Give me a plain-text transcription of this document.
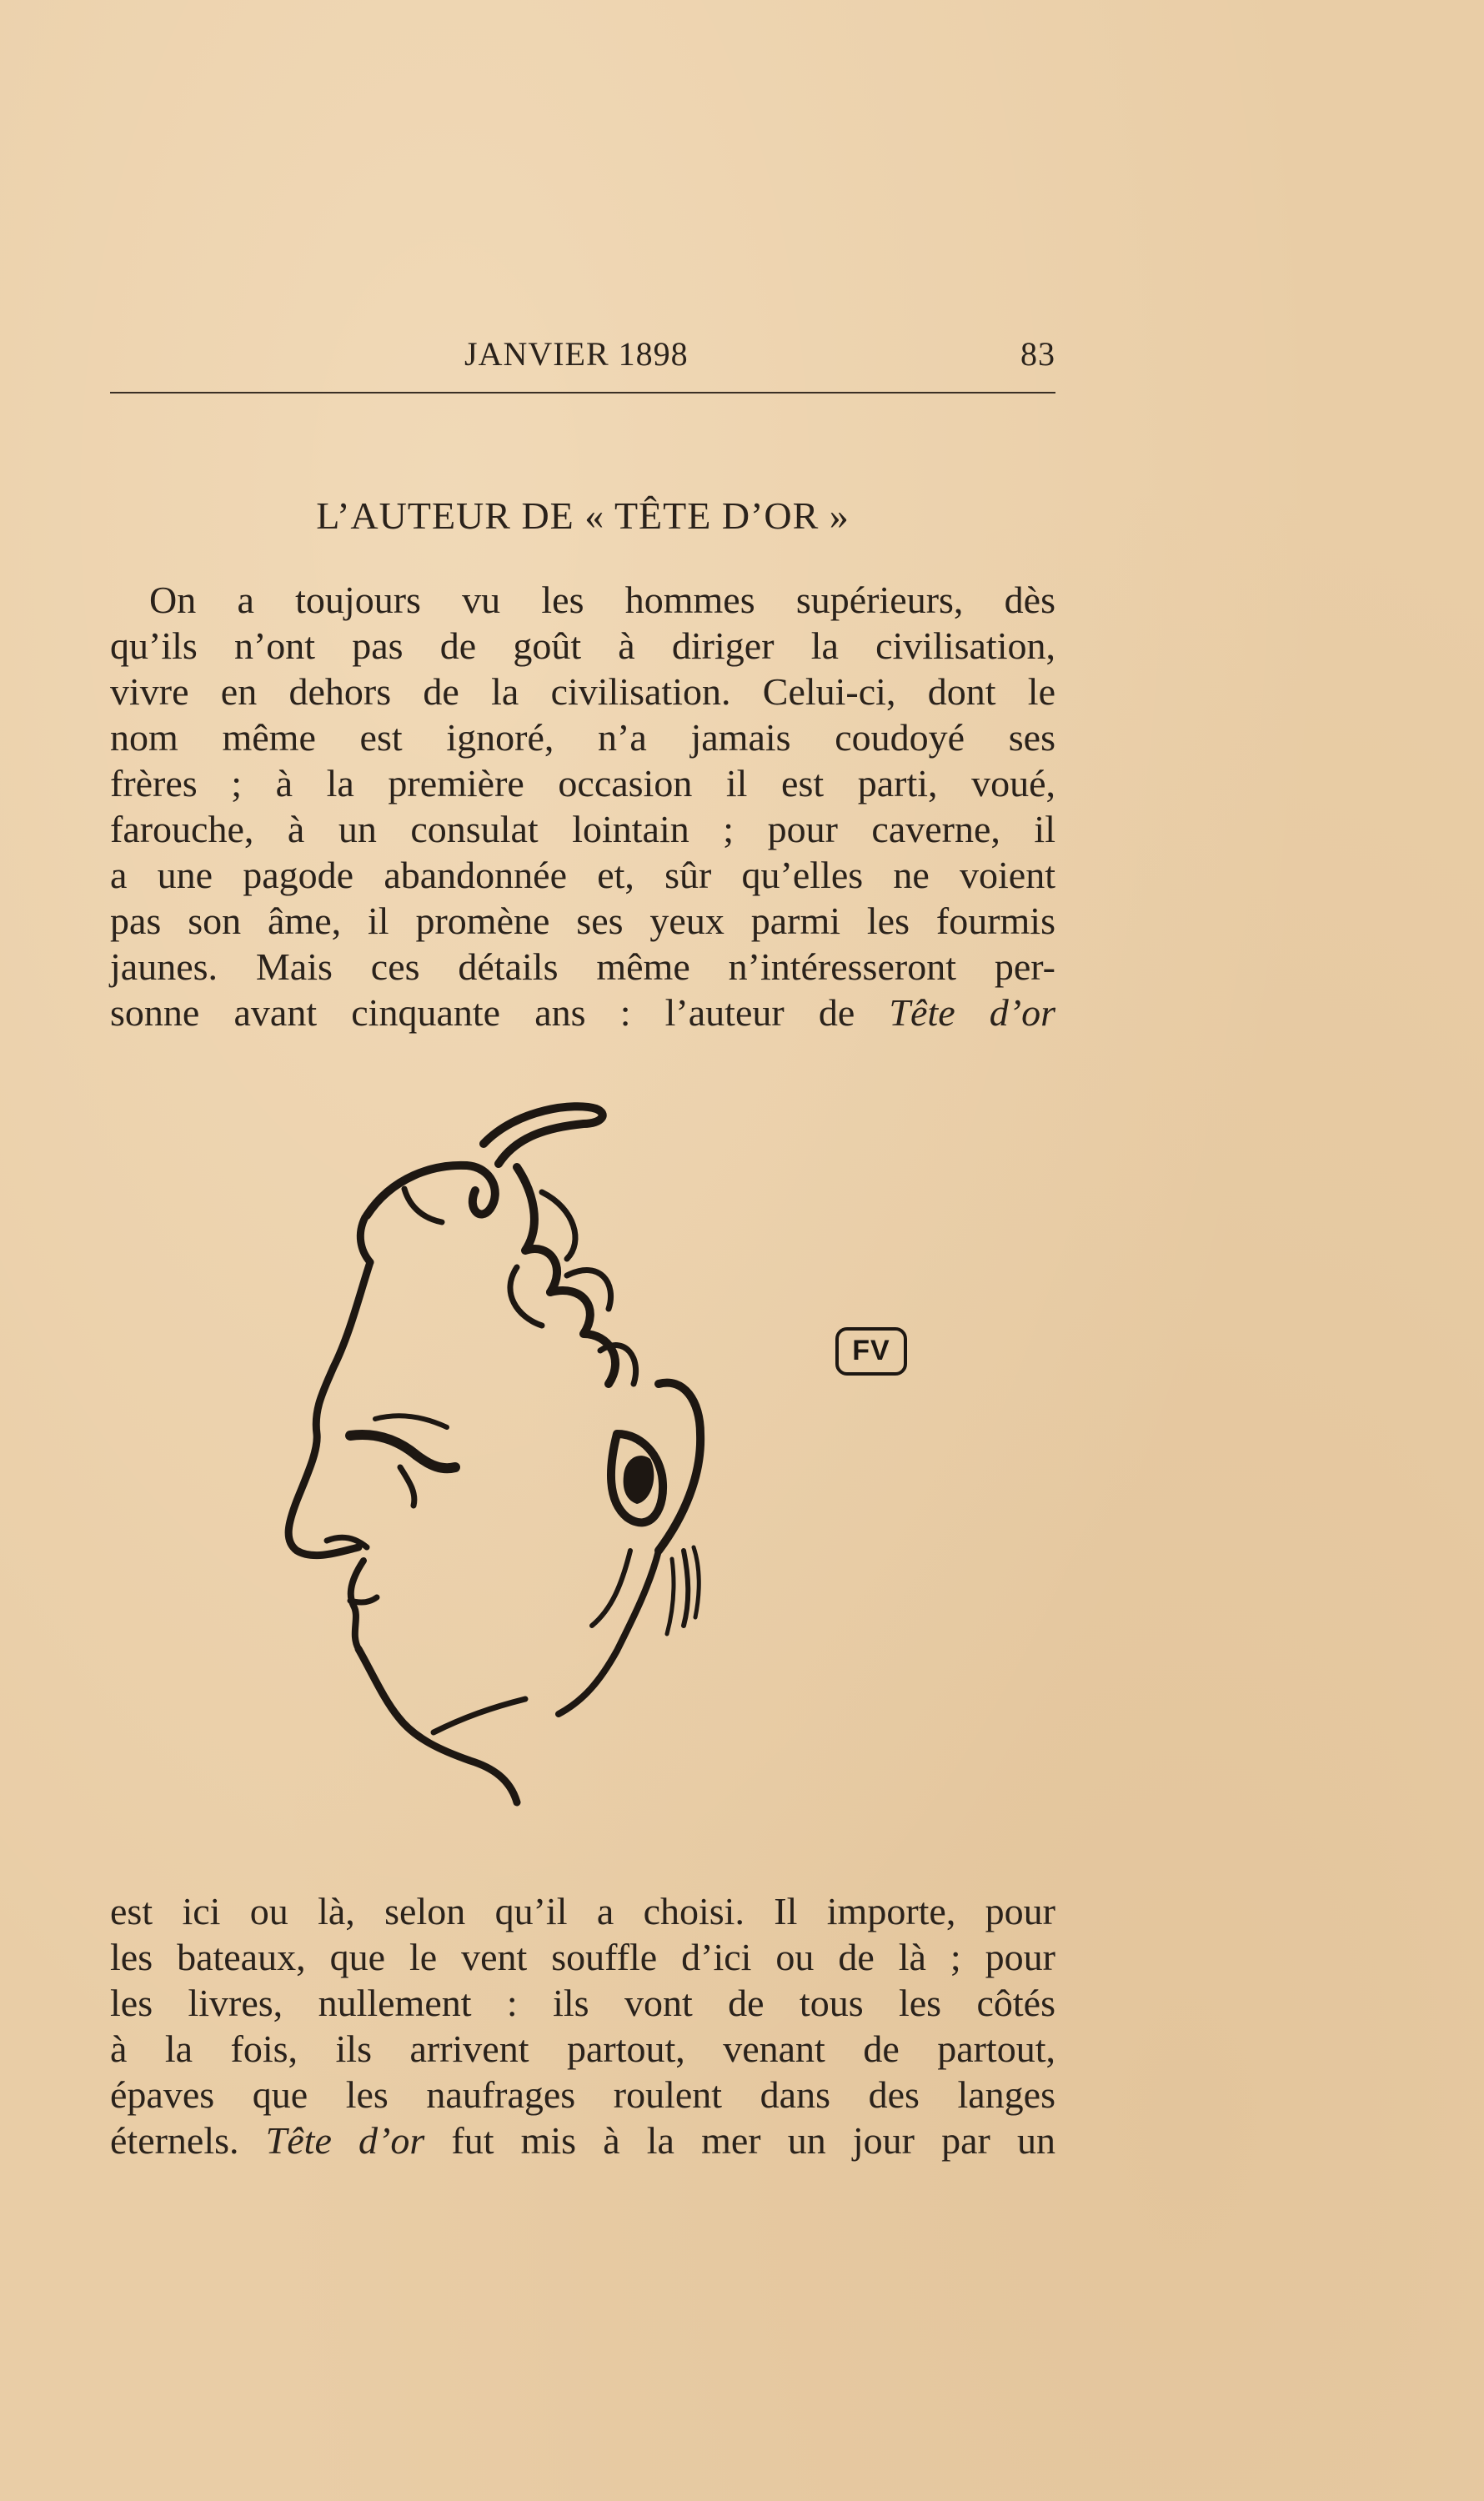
JANVIER 1898	83
L’AUTEUR DE « TÊTE D’OR »

On a toujours vu les hommes supérieurs, dès
qu’ils n’ont pas de goût à diriger la civilisation,
vivre en dehors de la civilisation. Celui-ci, dont le
nom même est ignoré, n’a jamais coudoyé ses
frères ; à la première occasion il est parti, voué,
farouche, à un consulat lointain ; pour caverne, il
a une pagode abandonnée et, sûr qu’elles ne voient
pas son âme, il promène ses yeux parmi les fourmis
jaunes. Mais ces détails même n’intéresseront per-
sonne avant cinquante ans : l’auteur de Tête d’or

FV

est ici ou là, selon qu’il a choisi. Il importe, pour
les bateaux, que le vent souffle d’ici ou de là ; pour
les livres, nullement : ils vont de tous les côtés
à la fois, ils arrivent partout, venant de partout,
épaves que les naufrages roulent dans des langes
éternels. Tête d’or fut mis à la mer un jour par un
